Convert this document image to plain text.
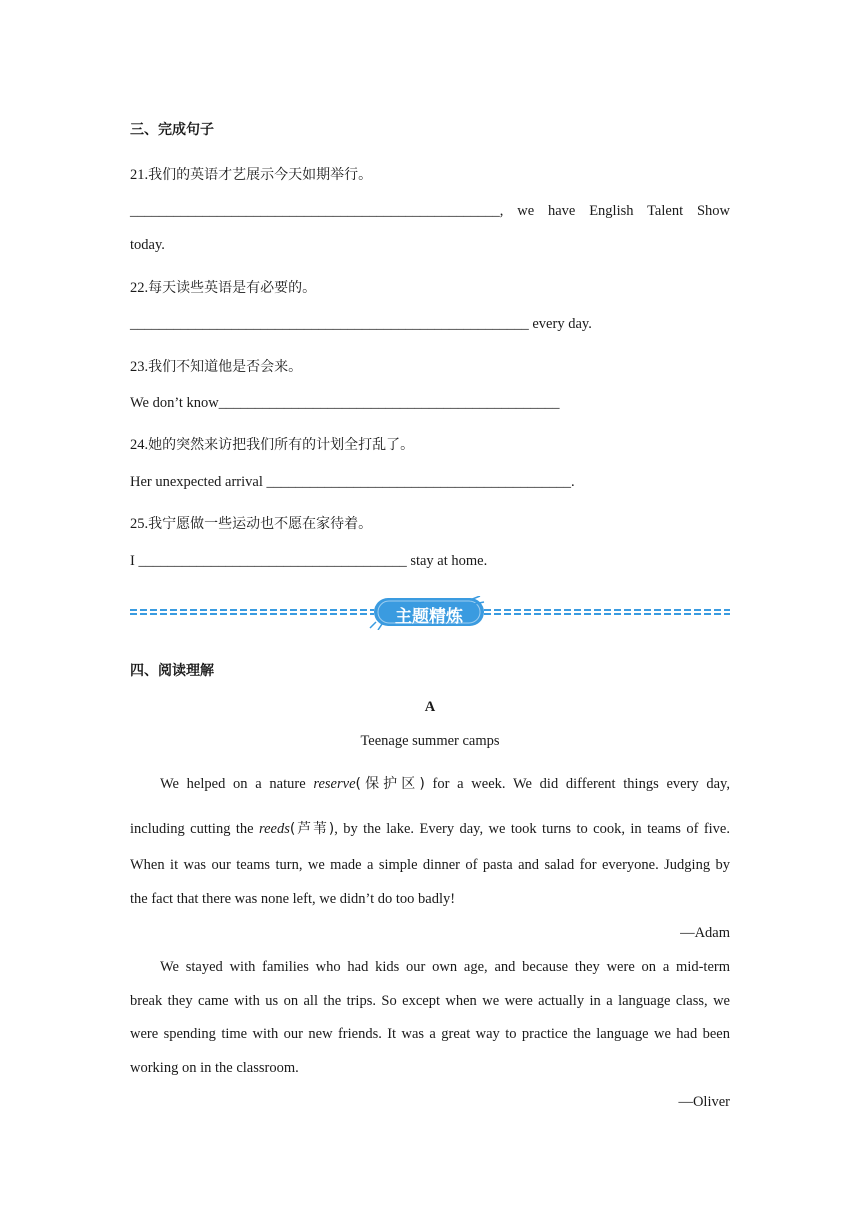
三、完成句子
21.我们的英语才艺展示今天如期举行。
___________________________________________________, we have English Talent Show
today.
22.每天读些英语是有必要的。
_______________________________________________________ every day.
23.我们不知道他是否会来。
We don’t know_______________________________________________
24.她的突然来访把我们所有的计划全打乱了。
Her unexpected arrival __________________________________________.
25.我宁愿做一些运动也不愿在家待着。
I _____________________________________ stay at home.
主题精炼
四、阅读理解
A
Teenage summer camps
We helped on a nature reserve(保护区) for a week. We did different things every day,
including cutting the reeds(芦苇), by the lake. Every day, we took turns to cook, in teams of five.
When it was our teams turn, we made a simple dinner of pasta and salad for everyone. Judging by
the fact that there was none left, we didn’t do too badly!
—Adam
We stayed with families who had kids our own age, and because they were on a mid-term
break they came with us on all the trips. So except when we were actually in a language class, we
were spending time with our new friends. It was a great way to practice the language we had been
working on in the classroom.
—Oliver
